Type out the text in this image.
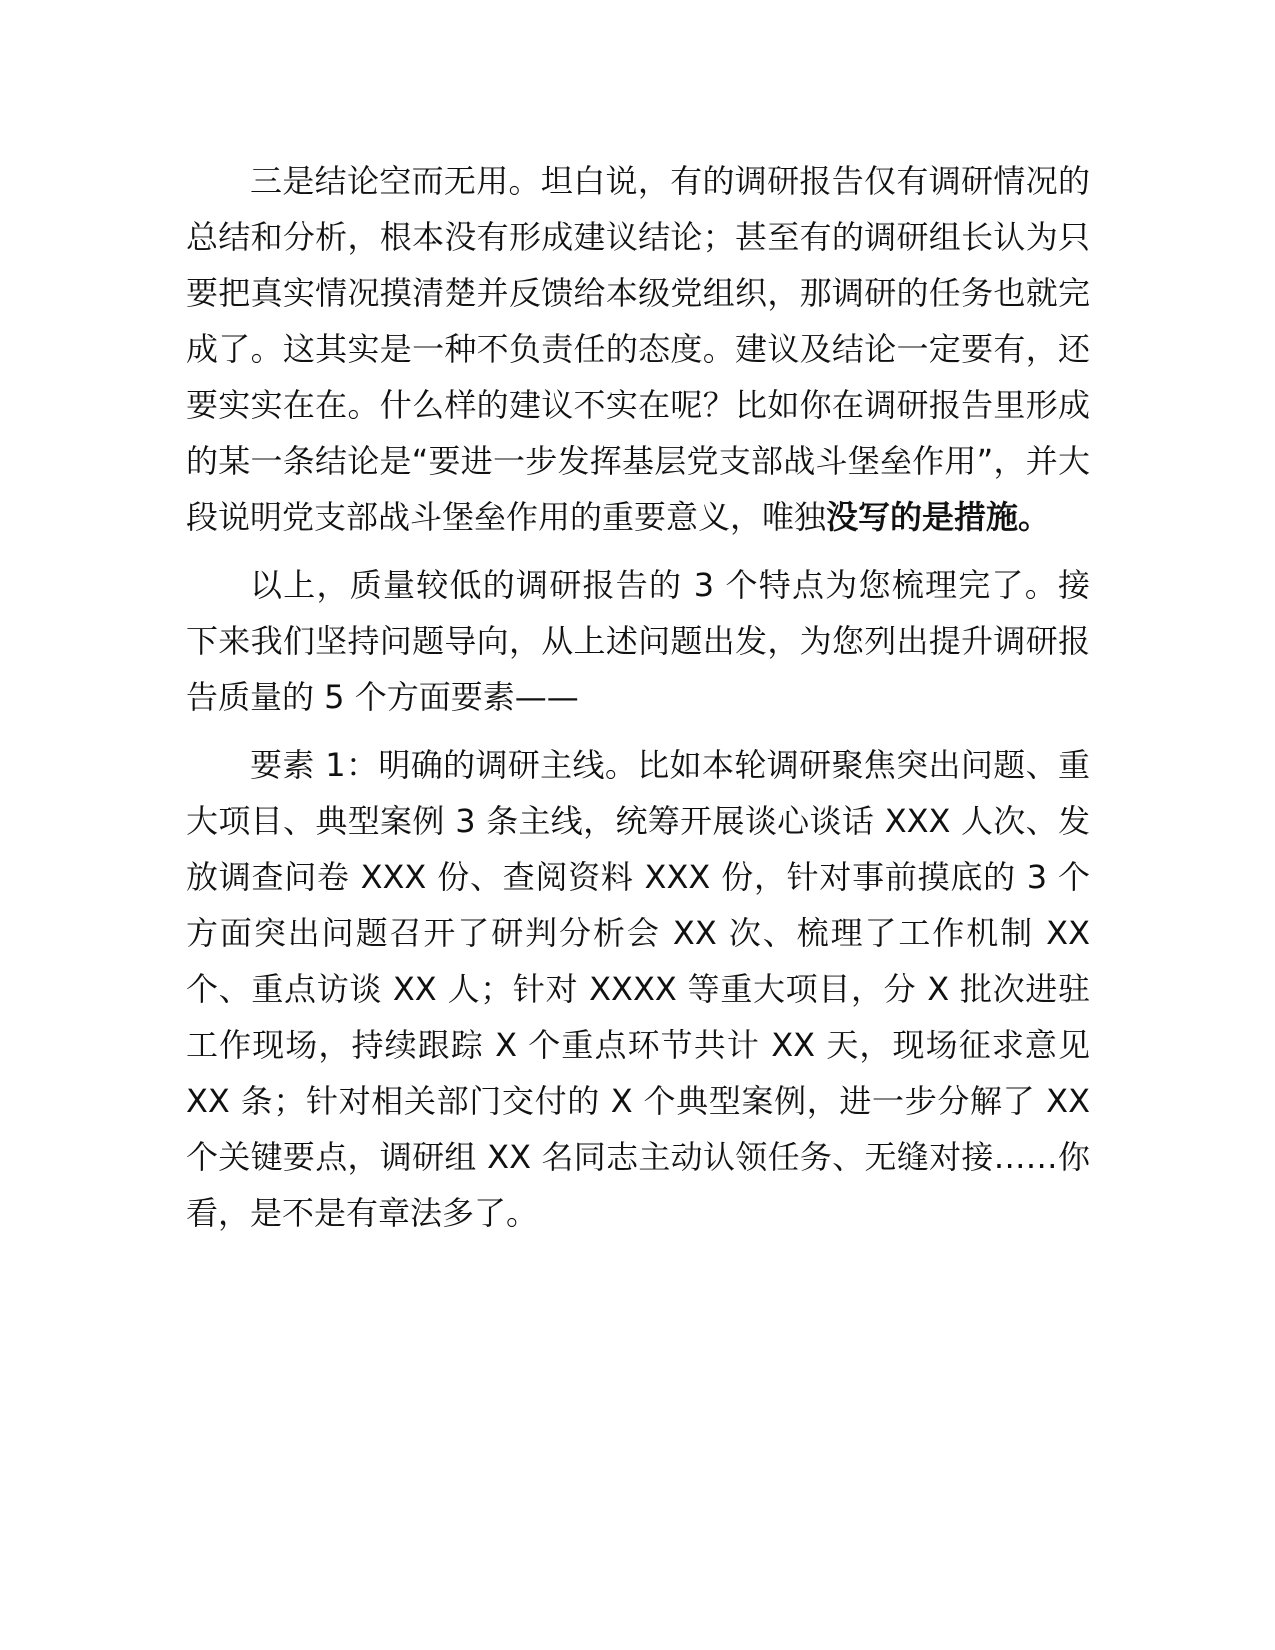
三是结论空而无用。坦白说，有的调研报告仅有调研情况的总结和分析，根本没有形成建议结论；甚至有的调研组长认为只要把真实情况摸清楚并反馈给本级党组织，那调研的任务也就完成了。这其实是一种不负责任的态度。建议及结论一定要有，还要实实在在。什么样的建议不实在呢？比如你在调研报告里形成的某一条结论是“要进一步发挥基层党支部战斗堡垒作用”，并大段说明党支部战斗堡垒作用的重要意义，唯独没写的是措施。

以上，质量较低的调研报告的 3 个特点为您梳理完了。接下来我们坚持问题导向，从上述问题出发，为您列出提升调研报告质量的 5 个方面要素——

要素 1：明确的调研主线。比如本轮调研聚焦突出问题、重大项目、典型案例 3 条主线，统筹开展谈心谈话 XXX 人次、发放调查问卷 XXX 份、查阅资料 XXX 份，针对事前摸底的 3 个方面突出问题召开了研判分析会 XX 次、梳理了工作机制 XX 个、重点访谈 XX 人；针对 XXXX 等重大项目，分 X 批次进驻工作现场，持续跟踪 X 个重点环节共计 XX 天，现场征求意见 XX 条；针对相关部门交付的 X 个典型案例，进一步分解了 XX 个关键要点，调研组 XX 名同志主动认领任务、无缝对接……你看，是不是有章法多了。
